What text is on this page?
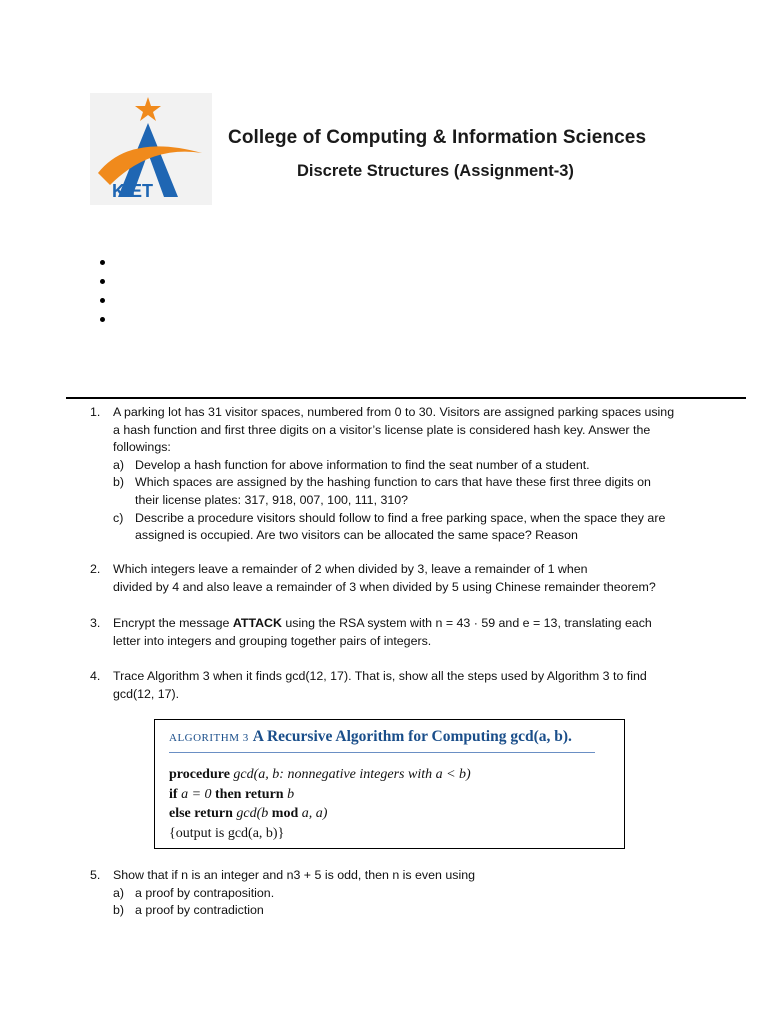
KIET
College of Computing & Information Sciences
Discrete Structures (Assignment-3)
1. A parking lot has 31 visitor spaces, numbered from 0 to 30. Visitors are assigned parking spaces using
a hash function and first three digits on a visitor’s license plate is considered hash key. Answer the
followings:
a) Develop a hash function for above information to find the seat number of a student.
b) Which spaces are assigned by the hashing function to cars that have these first three digits on
their license plates: 317, 918, 007, 100, 111, 310?
c) Describe a procedure visitors should follow to find a free parking space, when the space they are
assigned is occupied. Are two visitors can be allocated the same space? Reason
2. Which integers leave a remainder of 2 when divided by 3, leave a remainder of 1 when
divided by 4 and also leave a remainder of 3 when divided by 5 using Chinese remainder theorem?
3. Encrypt the message ATTACK using the RSA system with n = 43 · 59 and e = 13, translating each
letter into integers and grouping together pairs of integers.
4. Trace Algorithm 3 when it finds gcd(12, 17). That is, show all the steps used by Algorithm 3 to find
gcd(12, 17).
ALGORITHM 3 A Recursive Algorithm for Computing gcd(a, b).
procedure gcd(a, b: nonnegative integers with a < b)
if a = 0 then return b
else return gcd(b mod a, a)
{output is gcd(a, b)}
5. Show that if n is an integer and n3 + 5 is odd, then n is even using
a) a proof by contraposition.
b) a proof by contradiction
